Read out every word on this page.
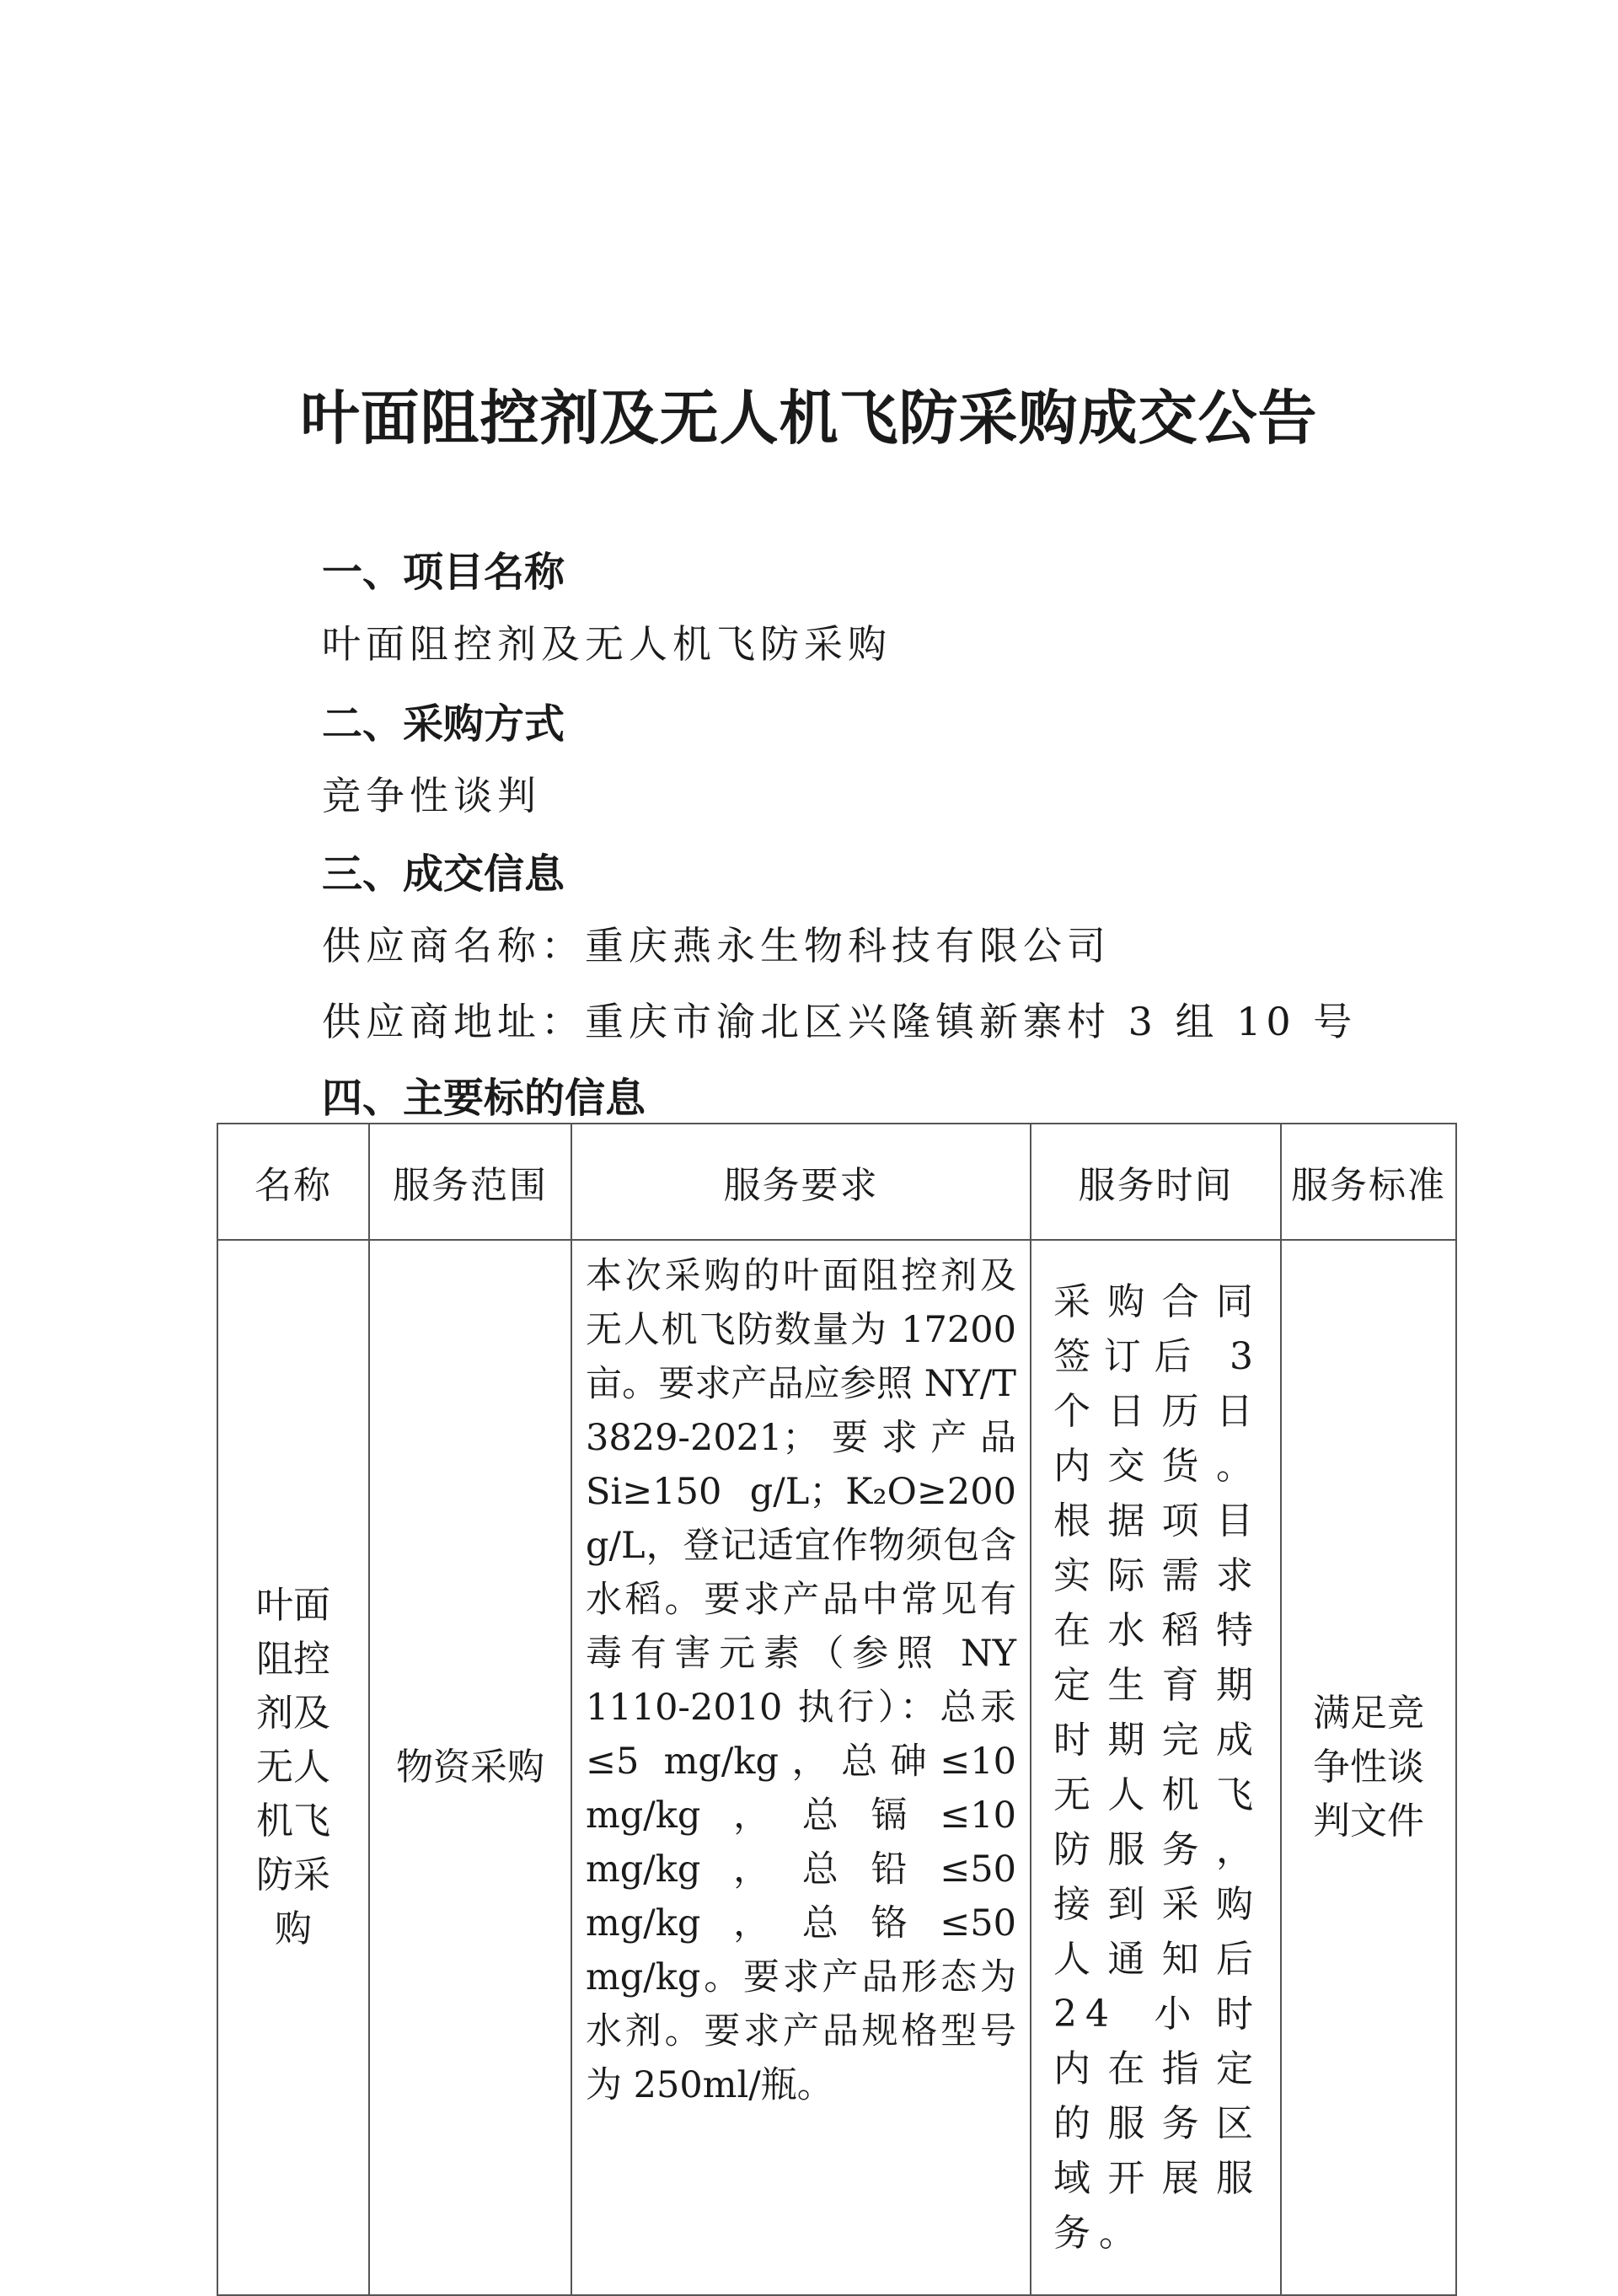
叶面阻控剂及无人机飞防采购成交公告
一、项目名称
叶面阻控剂及无人机飞防采购
二、采购方式
竞争性谈判
三、成交信息
供应商名称：重庆燕永生物科技有限公司
供应商地址：重庆市渝北区兴隆镇新寨村 3 组 10 号
四、主要标的信息
名称	服务范围	服务要求	服务时间	服务标准
叶面阻控剂及无人机飞防采购	物资采购	本次采购的叶面阻控剂及无人机飞防数量为 17200 亩。要求产品应参照 NY/T 3829-2021；要求产品 Si≥150 g/L；K₂O≥200 g/L，登记适宜作物须包含水稻。要求产品中常见有毒有害元素（参照 NY 1110-2010 执行）：总汞≤5 mg/kg，总砷≤10 mg/kg，总镉≤10 mg/kg，总铅≤50 mg/kg，总铬≤50 mg/kg。要求产品形态为水剂。要求产品规格型号为 250ml/瓶。	采购合同签订后 3 个日历日内交货。根据项目实际需求在水稻特定生育期时期完成无人机飞防服务，接到采购人通知后 24 小时内在指定的服务区域开展服务。	满足竞争性谈判文件
